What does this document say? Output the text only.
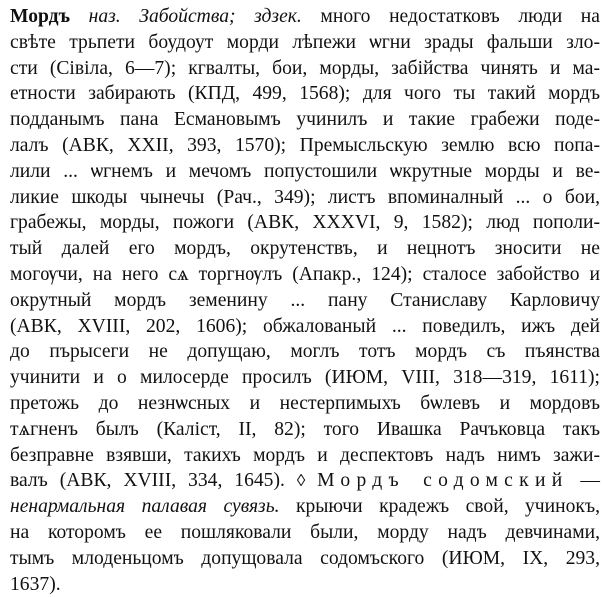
Мордъ наз. Забойства; здзек. много недостатковъ люди на
свѣте трьпети боудоут морди лѣпежи ѡгни зрады фальши зло-
сти (Сівіла, 6—7); кгвалты, бои, морды, забійства чинять и ма-
етности забирають (КПД, 499, 1568); для чого ты такий мордъ
подданымъ пана Есмановымъ учинилъ и такие грабежи поде-
лалъ (АВК, XXII, 393, 1570); Премысльскую землю всю попа-
лили ... ѡгнемъ и мечомъ попустошили ѡкрутные морды и ве-
ликие шкоды чынечы (Рач., 349); листъ впоминалный ... о бои,
грабежы, морды, пожоги (АВК, XXXVI, 9, 1582); люд пополи-
тый далей его мордъ, окрутенствъ, и нецнотъ зносити не
могѹчи, на него сѧ торгнѹлъ (Апакр., 124); сталосе забойство и
окрутный мордъ земенину ... пану Станиславу Карловичу
(АВК, XVIII, 202, 1606); обжалованый ... поведилъ, ижъ дей
до пърысеги не допущаю, моглъ тотъ мордъ съ пъянства
учинити и о милосерде просилъ (ИЮМ, VIII, 318—319, 1611);
претожь до незнѡсных и нестерпимыхъ бѡлевъ и мордовъ
тѧгненъ былъ (Каліст, II, 82); того Ивашка Рачъковца такъ
безправне взявши, такихъ мордъ и деспектовъ надъ нимъ зажи-
валъ (АВК, XVIII, 334, 1645). ◊ Мордъ содомский —
ненармальная палавая сувязь. крыючи крадежъ свой, учинокъ,
на которомъ ее пошляковали были, морду надъ девчинами,
тымъ млоденьцомъ допущовала содомъского (ИЮМ, IX, 293,
1637).
